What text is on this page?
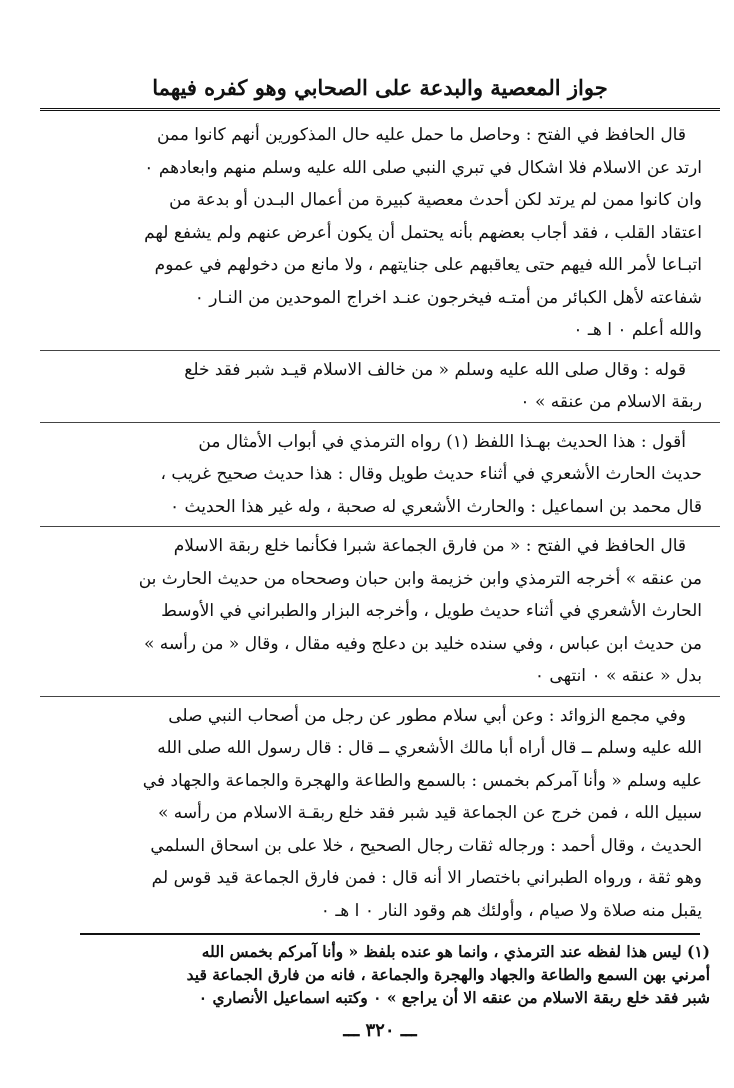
جواز المعصية والبدعة على الصحابي وهو كفره فيهما

قال الحافظ في الفتح : وحاصل ما حمل عليه حال المذكورين أنهم كانوا ممن

ارتد عن الاسلام فلا اشكال في تبري النبي صلى الله عليه وسلم منهم وابعادهم ٠

وان كانوا ممن لم يرتد لكن أحدث معصية كبيرة من أعمال البـدن أو بدعة من

اعتقاد القلب ، فقد أجاب بعضهم بأنه يحتمل أن يكون أعرض عنهم ولم يشفع لهم

اتبـاعا لأمر الله فيهم حتى يعاقبهم على جنايتهم ، ولا مانع من دخولهم في عموم

شفاعته لأهل الكبائر من أمتـه فيخرجون عنـد اخراج الموحدين من النـار ٠

والله أعلم ٠ ا هـ ٠

قوله : وقال صلى الله عليه وسلم « من خالف الاسلام قيـد شبر فقد خلع

ربقة الاسلام من عنقه » ٠

أقول : هذا الحديث بهـذا اللفظ (١) رواه الترمذي في أبواب الأمثال من

حديث الحارث الأشعري في أثناء حديث طويل وقال : هذا حديث صحيح غريب ،

قال محمد بن اسماعيل : والحارث الأشعري له صحبة ، وله غير هذا الحديث ٠

قال الحافظ في الفتح : « من فارق الجماعة شبرا فكأنما خلع ربقة الاسلام

من عنقه » أخرجه الترمذي وابن خزيمة وابن حبان وصححاه من حديث الحارث بن

الحارث الأشعري في أثناء حديث طويل ، وأخرجه البزار والطبراني في الأوسط

من حديث ابن عباس ، وفي سنده خليد بن دعلج وفيه مقال ، وقال « من رأسه »

بدل « عنقه » ٠ انتهى ٠

وفي مجمع الزوائد : وعن أبي سلام مطور عن رجل من أصحاب النبي صلى

الله عليه وسلم ــ قال أراه أبا مالك الأشعري ــ قال : قال رسول الله صلى الله

عليه وسلم « وأنا آمركم بخمس : بالسمع والطاعة والهجرة والجماعة والجهاد في

سبيل الله ، فمن خرج عن الجماعة قيد شبر فقد خلع ربقـة الاسلام من رأسه »

الحديث ، وقال أحمد : ورجاله ثقات رجال الصحيح ، خلا على بن اسحاق السلمي

وهو ثقة ، ورواه الطبراني باختصار الا أنه قال : فمن فارق الجماعة قيد قوس لم

يقبل منه صلاة ولا صيام ، وأولئك هم وقود النار ٠ ا هـ ٠

(١) ليس هذا لفظه عند الترمذي ، وانما هو عنده بلفظ « وأنا آمركم بخمس الله
أمرني بهن السمع والطاعة والجهاد والهجرة والجماعة ، فانه من فارق الجماعة قيد
شبر فقد خلع ربقة الاسلام من عنقه الا أن يراجع » ٠ وكتبه اسماعيل الأنصاري ٠
ـــ ٣٢٠ ـــ
